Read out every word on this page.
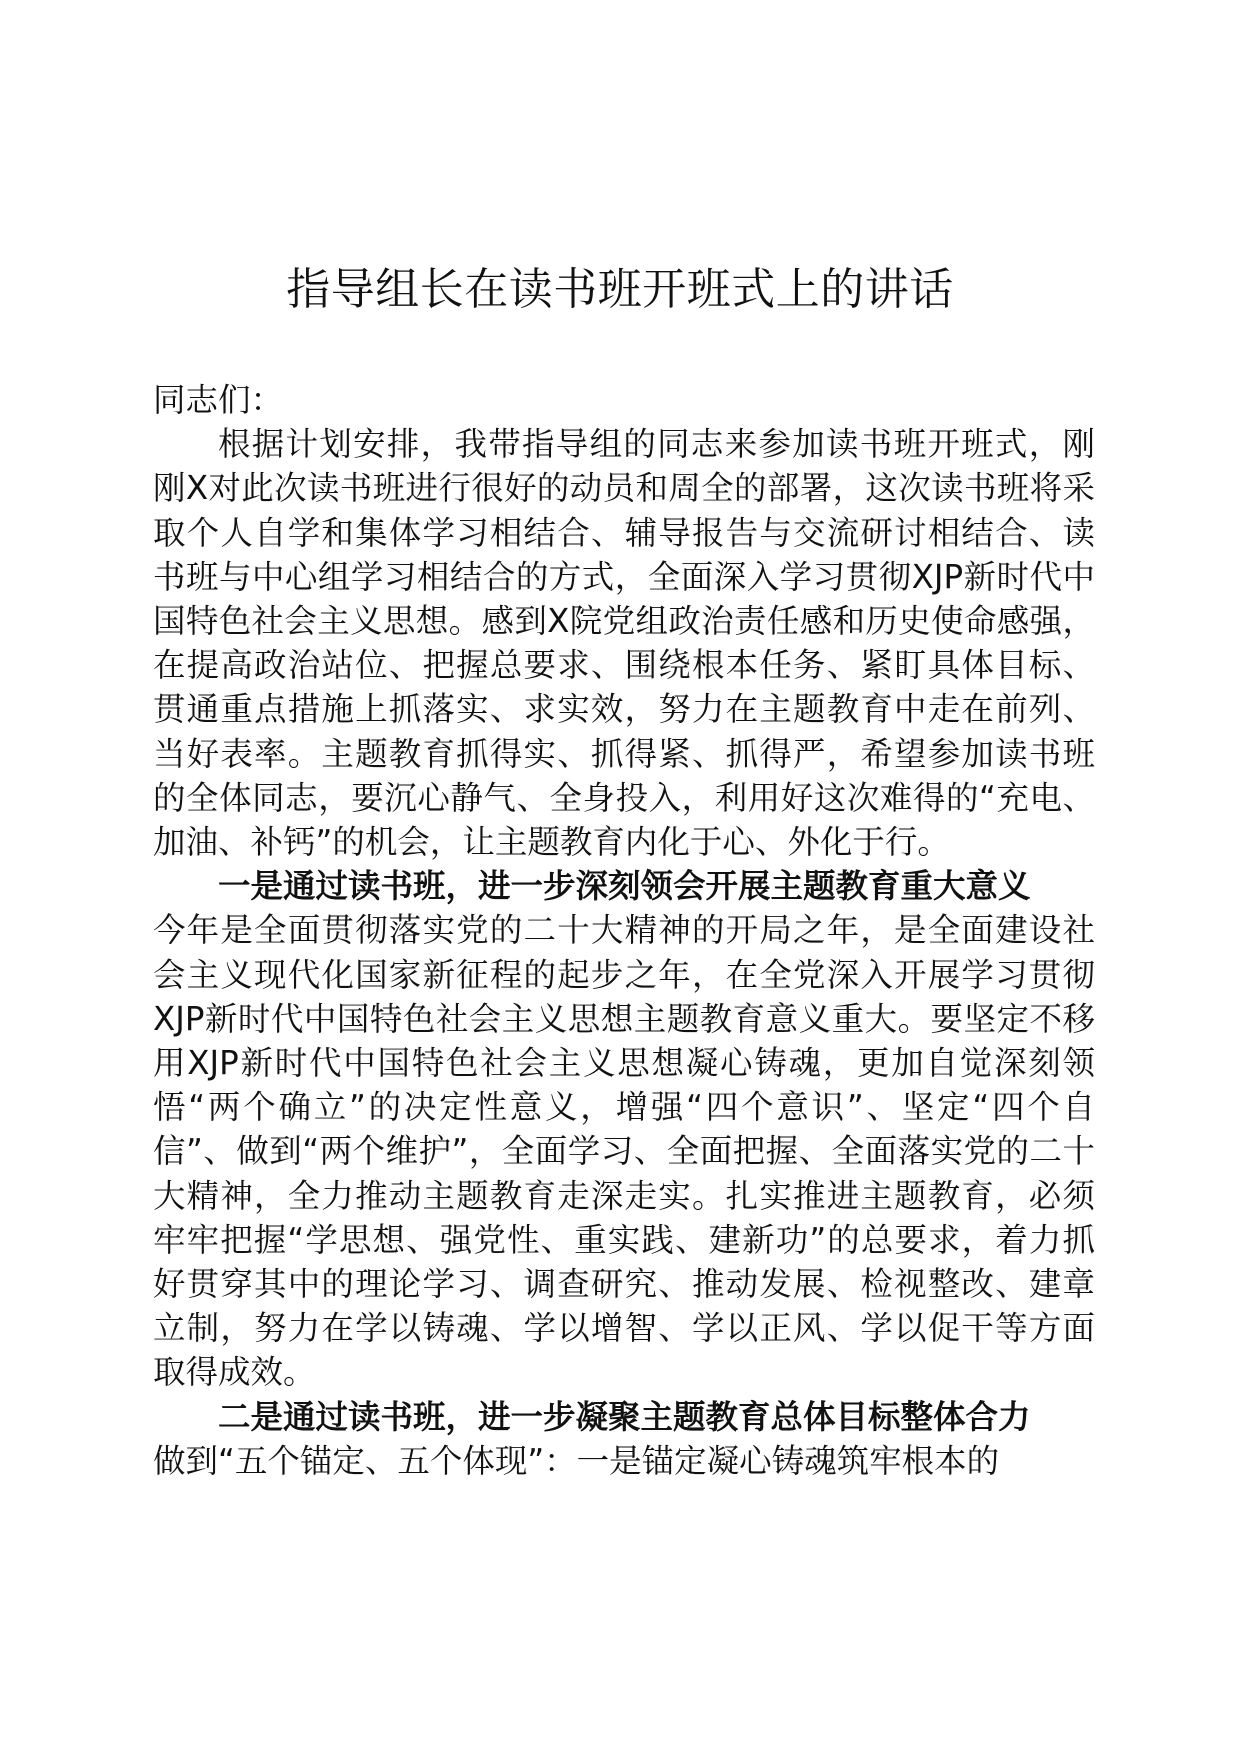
指导组长在读书班开班式上的讲话

同志们：

根据计划安排，我带指导组的同志来参加读书班开班式，刚刚X对此次读书班进行很好的动员和周全的部署，这次读书班将采取个人自学和集体学习相结合、辅导报告与交流研讨相结合、读书班与中心组学习相结合的方式，全面深入学习贯彻XJP新时代中国特色社会主义思想。感到X院党组政治责任感和历史使命感强，在提高政治站位、把握总要求、围绕根本任务、紧盯具体目标、贯通重点措施上抓落实、求实效，努力在主题教育中走在前列、当好表率。主题教育抓得实、抓得紧、抓得严，希望参加读书班的全体同志，要沉心静气、全身投入，利用好这次难得的“充电、加油、补钙”的机会，让主题教育内化于心、外化于行。

一是通过读书班，进一步深刻领会开展主题教育重大意义

今年是全面贯彻落实党的二十大精神的开局之年，是全面建设社会主义现代化国家新征程的起步之年，在全党深入开展学习贯彻XJP新时代中国特色社会主义思想主题教育意义重大。要坚定不移用XJP新时代中国特色社会主义思想凝心铸魂，更加自觉深刻领悟“两个确立”的决定性意义，增强“四个意识”、坚定“四个自信”、做到“两个维护”，全面学习、全面把握、全面落实党的二十大精神，全力推动主题教育走深走实。扎实推进主题教育，必须牢牢把握“学思想、强党性、重实践、建新功”的总要求，着力抓好贯穿其中的理论学习、调查研究、推动发展、检视整改、建章立制，努力在学以铸魂、学以增智、学以正风、学以促干等方面取得成效。

二是通过读书班，进一步凝聚主题教育总体目标整体合力

做到“五个锚定、五个体现”：一是锚定凝心铸魂筑牢根本的
